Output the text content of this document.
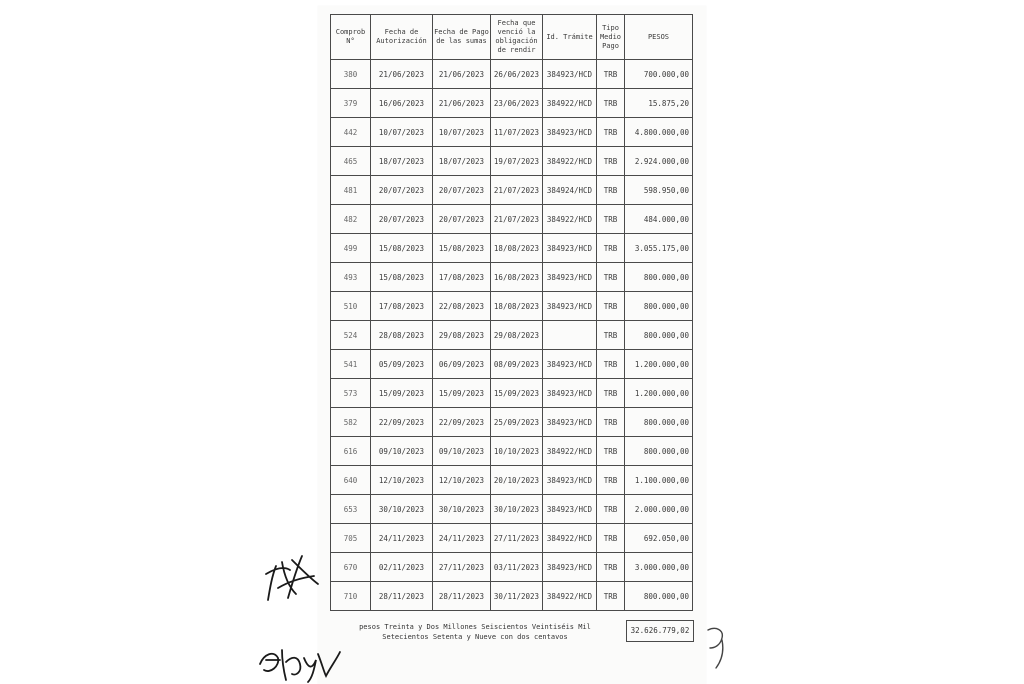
Comprob N°	Fecha de Autorización	Fecha de Pago de las sumas	Fecha que venció la obligación de rendir	Id. Trámite	Tipo Medio Pago	PESOS
380	21/06/2023	21/06/2023	26/06/2023	384923/HCD	TRB	700.000,00
379	16/06/2023	21/06/2023	23/06/2023	384922/HCD	TRB	15.875,20
442	10/07/2023	10/07/2023	11/07/2023	384923/HCD	TRB	4.800.000,00
465	18/07/2023	18/07/2023	19/07/2023	384922/HCD	TRB	2.924.000,00
481	20/07/2023	20/07/2023	21/07/2023	384924/HCD	TRB	598.950,00
482	20/07/2023	20/07/2023	21/07/2023	384922/HCD	TRB	484.000,00
499	15/08/2023	15/08/2023	18/08/2023	384923/HCD	TRB	3.055.175,00
493	15/08/2023	17/08/2023	16/08/2023	384923/HCD	TRB	800.000,00
510	17/08/2023	22/08/2023	18/08/2023	384923/HCD	TRB	800.000,00
524	28/08/2023	29/08/2023	29/08/2023		TRB	800.000,00
541	05/09/2023	06/09/2023	08/09/2023	384923/HCD	TRB	1.200.000,00
573	15/09/2023	15/09/2023	15/09/2023	384923/HCD	TRB	1.200.000,00
582	22/09/2023	22/09/2023	25/09/2023	384923/HCD	TRB	800.000,00
616	09/10/2023	09/10/2023	10/10/2023	384922/HCD	TRB	800.000,00
640	12/10/2023	12/10/2023	20/10/2023	384923/HCD	TRB	1.100.000,00
653	30/10/2023	30/10/2023	30/10/2023	384923/HCD	TRB	2.000.000,00
705	24/11/2023	24/11/2023	27/11/2023	384922/HCD	TRB	692.050,00
670	02/11/2023	27/11/2023	03/11/2023	384923/HCD	TRB	3.000.000,00
710	28/11/2023	28/11/2023	30/11/2023	384922/HCD	TRB	800.000,00
pesos Treinta y Dos Millones Seiscientos Veintiséis Mil
Setecientos Setenta y Nueve con dos centavos
32.626.779,02
